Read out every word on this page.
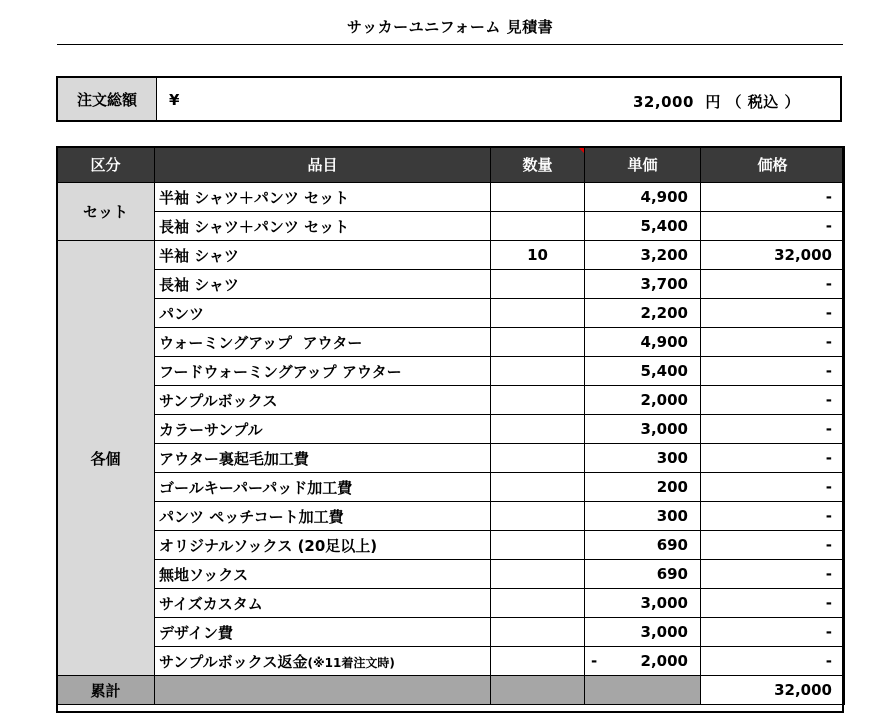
サッカーユニフォーム 見積書
注文総額	¥	32,000  円 （ 税込 ）
区分	品目	数量	単価	価格
セット	半袖 シャツ＋パンツ セット		4,900	-
	長袖 シャツ＋パンツ セット		5,400	-
各個	半袖 シャツ	10	3,200	32,000
	長袖 シャツ		3,700	-
	パンツ		2,200	-
	ウォーミングアップ  アウター		4,900	-
	フードウォーミングアップ アウター		5,400	-
	サンプルボックス		2,000	-
	カラーサンプル		3,000	-
	アウター裏起毛加工費		300	-
	ゴールキーパーパッド加工費		200	-
	パンツ ペッチコート加工費		300	-
	オリジナルソックス (20足以上)		690	-
	無地ソックス		690	-
	サイズカスタム		3,000	-
	デザイン費		3,000	-
	サンプルボックス返金(※11着注文時)		- 2,000	-
累計				32,000
